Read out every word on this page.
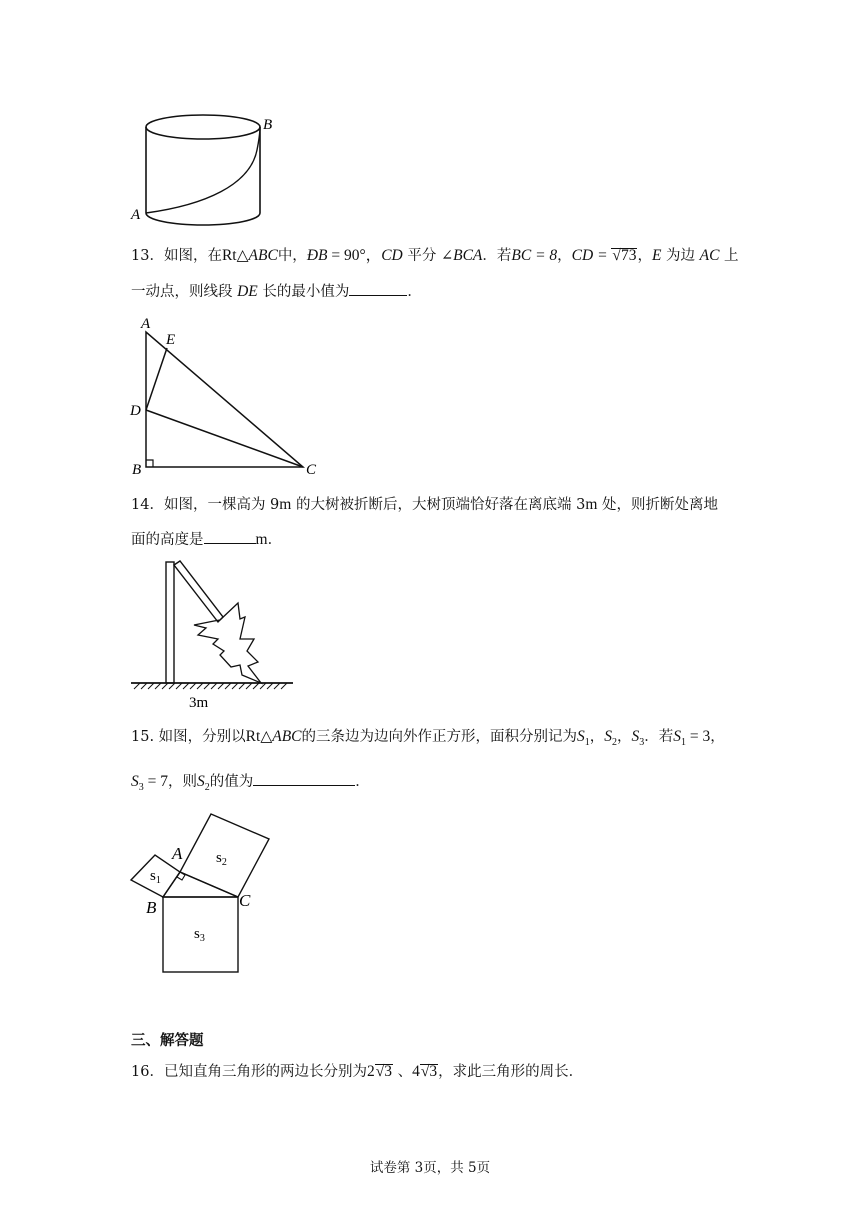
A
B
13．如图，在Rt△ABC中，ÐB = 90°，CD 平分 ∠BCA．若BC = 8，CD = √73，E 为边 AC 上
一动点，则线段 DE 长的最小值为	．
A
E
D
B	C
14．如图，一棵高为 9m 的大树被折断后，大树顶端恰好落在离底端 3m 处，则折断处离地
面的高度是	m．
3m
15. 如图，分别以Rt△ABC的三条边为边向外作正方形，面积分别记为$S_1$，$S_2$，$S_3$．若$S_1 = 3$，
$S_3 = 7$，则$S_2$的值为	．
A
B	C
$s_1$
$s_2$
$s_3$
三、解答题
16．已知直角三角形的两边长分别为2√3 、4√3，求此三角形的周长．
试卷第 3页，共 5页
